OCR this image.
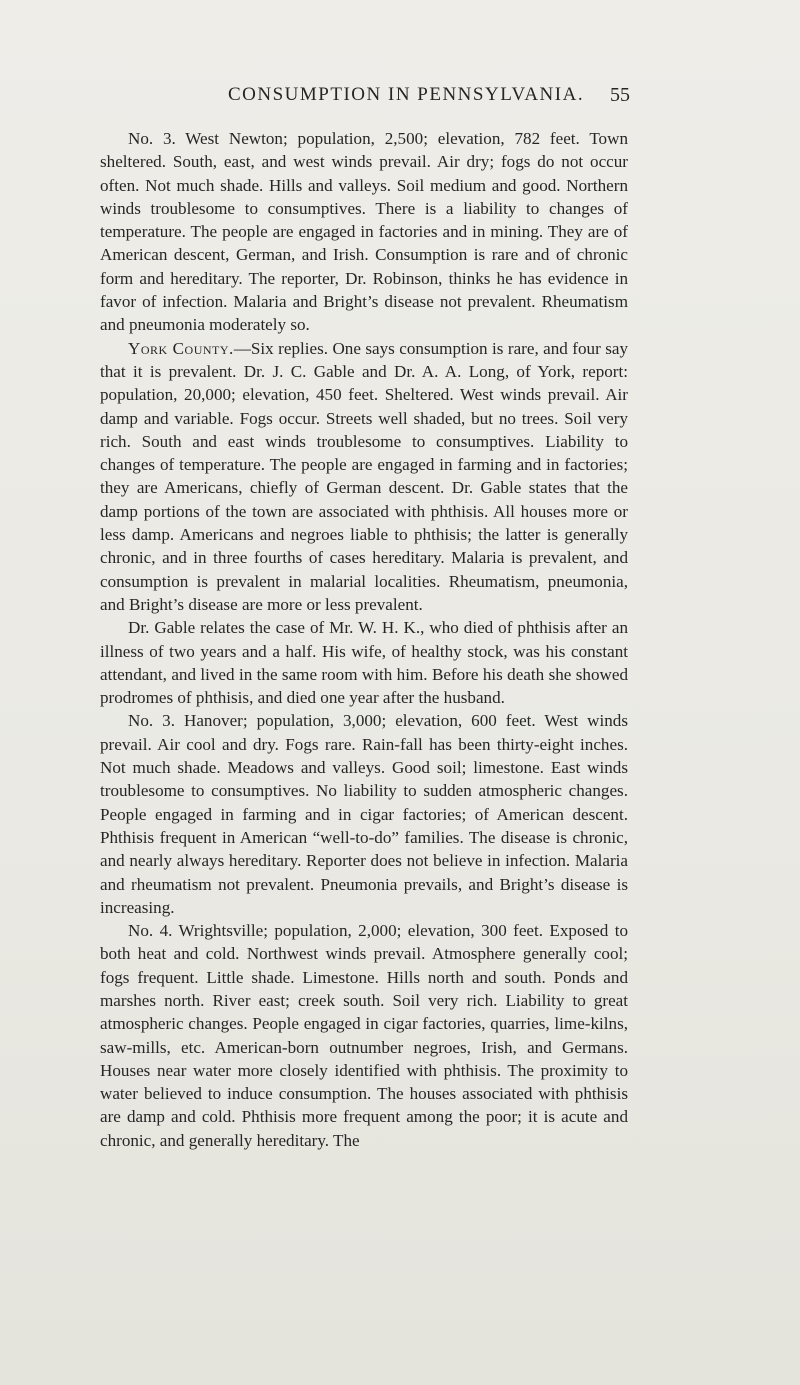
CONSUMPTION IN PENNSYLVANIA. 55

No. 3. West Newton; population, 2,500; elevation, 782 feet. Town sheltered. South, east, and west winds prevail. Air dry; fogs do not occur often. Not much shade. Hills and valleys. Soil medium and good. Northern winds troublesome to consumptives. There is a liability to changes of temperature. The people are engaged in factories and in mining. They are of American descent, German, and Irish. Consumption is rare and of chronic form and hereditary. The reporter, Dr. Robinson, thinks he has evidence in favor of infection. Malaria and Bright’s disease not prevalent. Rheumatism and pneumonia moderately so.

York County.—Six replies. One says consumption is rare, and four say that it is prevalent. Dr. J. C. Gable and Dr. A. A. Long, of York, report: population, 20,000; elevation, 450 feet. Sheltered. West winds prevail. Air damp and variable. Fogs occur. Streets well shaded, but no trees. Soil very rich. South and east winds troublesome to consumptives. Liability to changes of temperature. The people are engaged in farming and in factories; they are Americans, chiefly of German descent. Dr. Gable states that the damp portions of the town are associated with phthisis. All houses more or less damp. Americans and negroes liable to phthisis; the latter is generally chronic, and in three fourths of cases hereditary. Malaria is prevalent, and consumption is prevalent in malarial localities. Rheumatism, pneumonia, and Bright’s disease are more or less prevalent.

Dr. Gable relates the case of Mr. W. H. K., who died of phthisis after an illness of two years and a half. His wife, of healthy stock, was his constant attendant, and lived in the same room with him. Before his death she showed prodromes of phthisis, and died one year after the husband.

No. 3. Hanover; population, 3,000; elevation, 600 feet. West winds prevail. Air cool and dry. Fogs rare. Rain-fall has been thirty-eight inches. Not much shade. Meadows and valleys. Good soil; limestone. East winds troublesome to consumptives. No liability to sudden atmospheric changes. People engaged in farming and in cigar factories; of American descent. Phthisis frequent in American “well-to-do” families. The disease is chronic, and nearly always hereditary. Reporter does not believe in infection. Malaria and rheumatism not prevalent. Pneumonia prevails, and Bright’s disease is increasing.

No. 4. Wrightsville; population, 2,000; elevation, 300 feet. Exposed to both heat and cold. Northwest winds prevail. Atmosphere generally cool; fogs frequent. Little shade. Limestone. Hills north and south. Ponds and marshes north. River east; creek south. Soil very rich. Liability to great atmospheric changes. People engaged in cigar factories, quarries, lime-kilns, saw-mills, etc. American-born outnumber negroes, Irish, and Germans. Houses near water more closely identified with phthisis. The proximity to water believed to induce consumption. The houses associated with phthisis are damp and cold. Phthisis more frequent among the poor; it is acute and chronic, and generally hereditary. The
